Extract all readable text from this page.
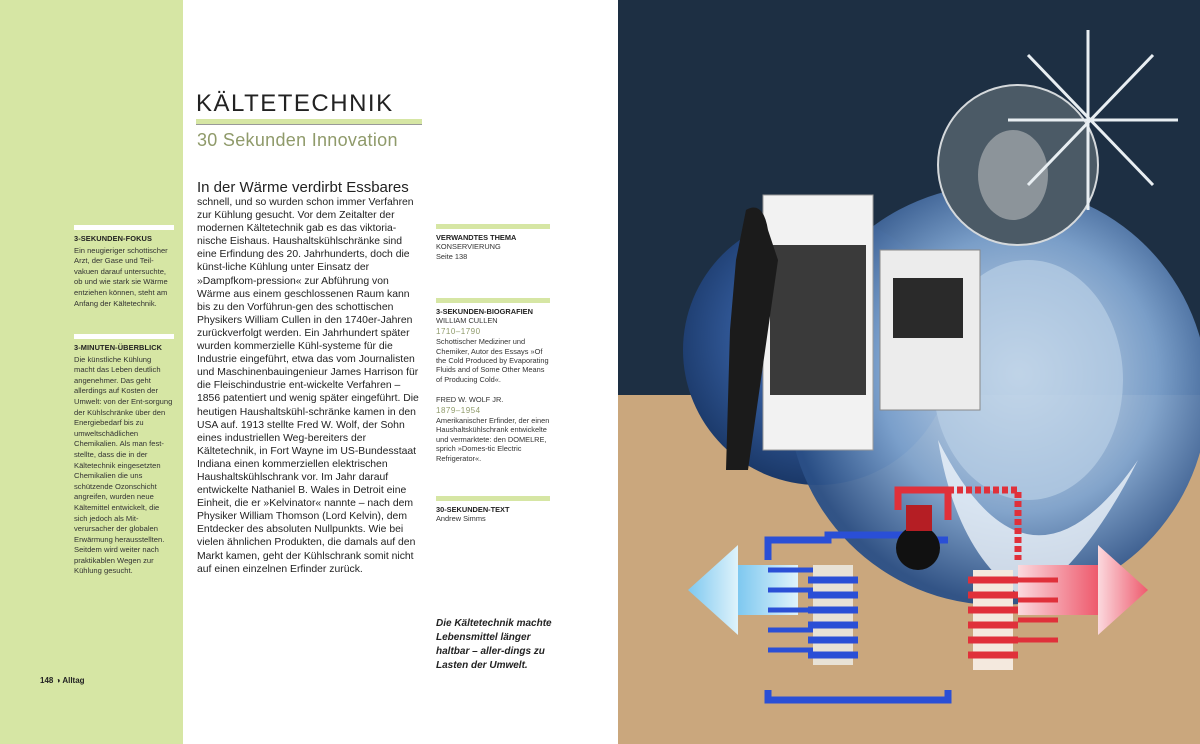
3-SEKUNDEN-FOKUS
Ein neugieriger schottischer Arzt, der Gase und Teil-vakuen darauf untersuchte, ob und wie stark sie Wärme entziehen können, steht am Anfang der Kältetechnik.
3-MINUTEN-ÜBERBLICK
Die künstliche Kühlung macht das Leben deutlich angenehmer. Das geht allerdings auf Kosten der Umwelt: von der Ent-sorgung der Kühlschränke über den Energiebedarf bis zu umweltschädlichen Chemikalien. Als man fest-stellte, dass die in der Kältetechnik eingesetzten Chemikalien die uns schützende Ozonschicht angreifen, wurden neue Kältemittel entwickelt, die sich jedoch als Mit-verursacher der globalen Erwärmung herausstellten. Seitdem wird weiter nach praktikablen Wegen zur Kühlung gesucht.
148 ◑ Alltag
KÄLTETECHNIK
30 Sekunden Innovation
In der Wärme verdirbt Essbares
schnell, und so wurden schon immer Verfahren zur Kühlung gesucht. Vor dem Zeitalter der modernen Kältetechnik gab es das viktoria-nische Eishaus. Haushaltskühlschränke sind eine Erfindung des 20. Jahrhunderts, doch die künst-liche Kühlung unter Einsatz der »Dampfkom-pression« zur Abführung von Wärme aus einem geschlossenen Raum kann bis zu den Vorführun-gen des schottischen Physikers William Cullen in den 1740er-Jahren zurückverfolgt werden. Ein Jahrhundert später wurden kommerzielle Kühl-systeme für die Industrie eingeführt, etwa das vom Journalisten und Maschinenbauingenieur James Harrison für die Fleischindustrie ent-wickelte Verfahren – 1856 patentiert und wenig später eingeführt. Die heutigen Haushaltskühl-schränke kamen in den USA auf. 1913 stellte Fred W. Wolf, der Sohn eines industriellen Weg-bereiters der Kältetechnik, in Fort Wayne im US-Bundesstaat Indiana einen kommerziellen elektrischen Haushaltskühlschrank vor. Im Jahr darauf entwickelte Nathaniel B. Wales in Detroit eine Einheit, die er »Kelvinator« nannte – nach dem Physiker William Thomson (Lord Kelvin), dem Entdecker des absoluten Nullpunkts. Wie bei vielen ähnlichen Produkten, die damals auf den Markt kamen, geht der Kühlschrank somit nicht auf einen einzelnen Erfinder zurück.
VERWANDTES THEMA
KONSERVIERUNG
Seite 138
3-SEKUNDEN-BIOGRAFIEN
WILLIAM CULLEN
1710–1790
Schottischer Mediziner und Chemiker, Autor des Essays »Of the Cold Produced by Evaporating Fluids and of Some Other Means of Producing Cold«.
FRED W. WOLF JR.
1879–1954
Amerikanischer Erfinder, der einen Haushaltskühlschrank entwickelte und vermarktete: den DOMELRE, sprich »Domes-tic Electric Refrigerator«.
30-SEKUNDEN-TEXT
Andrew Simms
Die Kältetechnik machte Lebensmittel länger haltbar – aller-dings zu Lasten der Umwelt.
